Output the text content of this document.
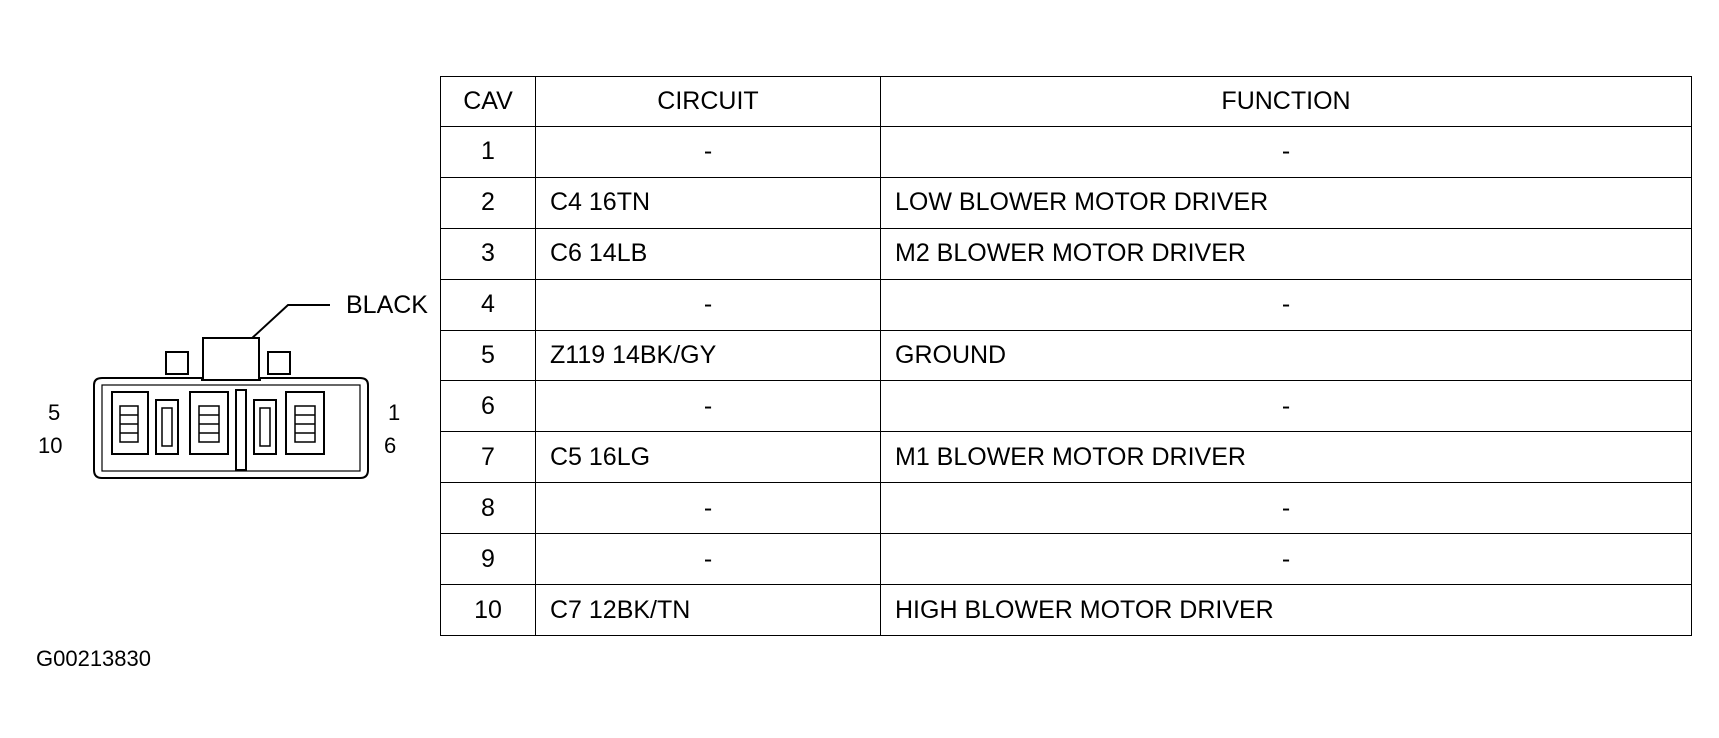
BLACK
5
10
1
6
CAV	CIRCUIT	FUNCTION
1	-	-
2	C4 16TN	LOW BLOWER MOTOR DRIVER
3	C6 14LB	M2 BLOWER MOTOR DRIVER
4	-	-
5	Z119 14BK/GY	GROUND
6	-	-
7	C5 16LG	M1 BLOWER MOTOR DRIVER
8	-	-
9	-	-
10	C7 12BK/TN	HIGH BLOWER MOTOR DRIVER
G00213830
